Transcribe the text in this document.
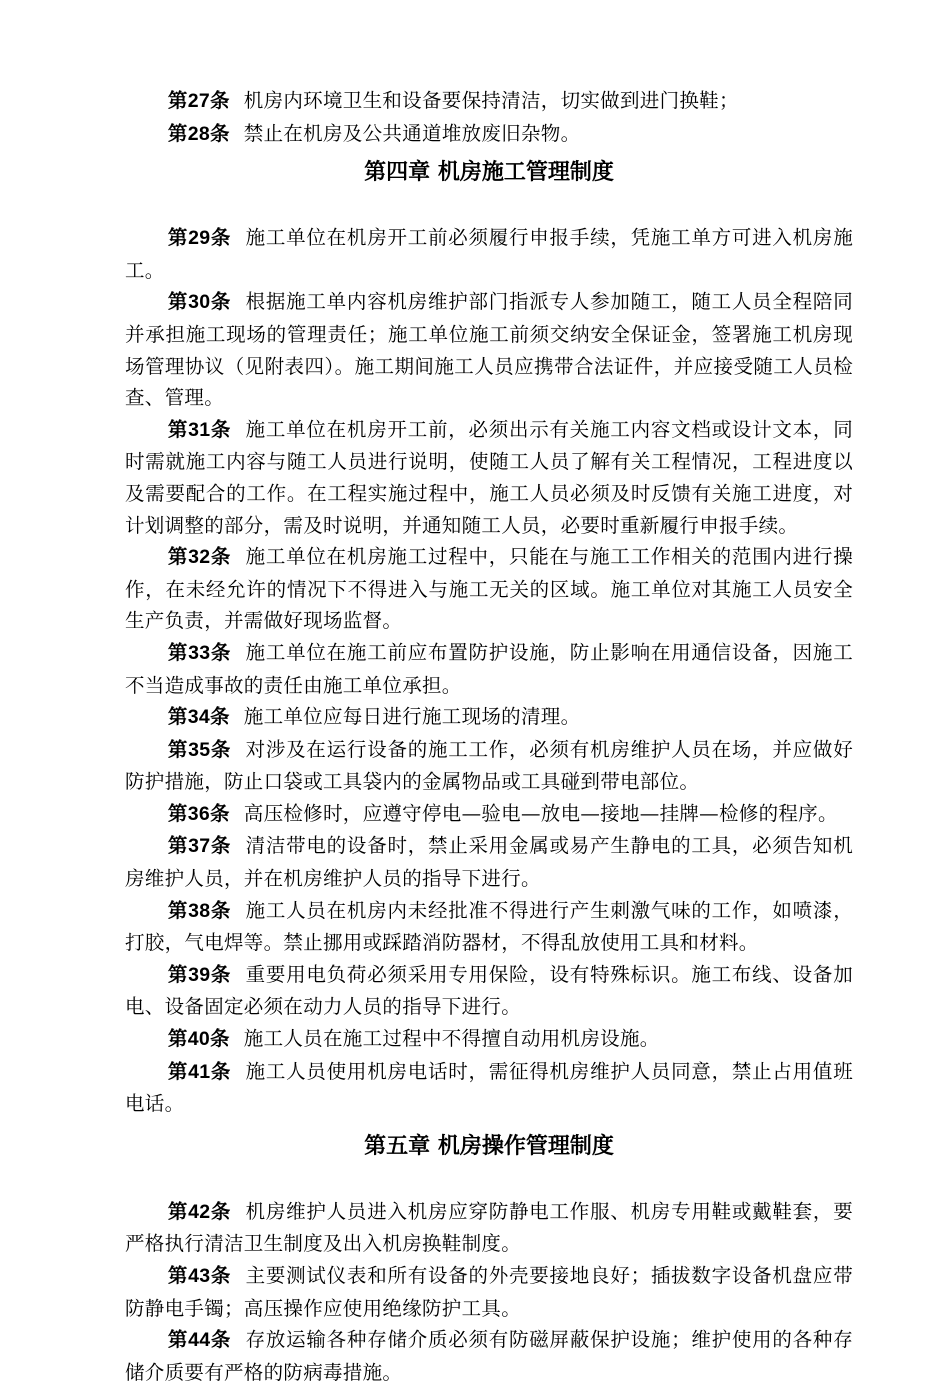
第27条 机房内环境卫生和设备要保持清洁，切实做到进门换鞋；

第28条 禁止在机房及公共通道堆放废旧杂物。

第四章 机房施工管理制度

第29条 施工单位在机房开工前必须履行申报手续，凭施工单方可进入机房施工。

第30条 根据施工单内容机房维护部门指派专人参加随工，随工人员全程陪同并承担施工现场的管理责任；施工单位施工前须交纳安全保证金，签署施工机房现场管理协议（见附表四）。施工期间施工人员应携带合法证件，并应接受随工人员检查、管理。

第31条 施工单位在机房开工前，必须出示有关施工内容文档或设计文本，同时需就施工内容与随工人员进行说明，使随工人员了解有关工程情况，工程进度以及需要配合的工作。在工程实施过程中，施工人员必须及时反馈有关施工进度，对计划调整的部分，需及时说明，并通知随工人员，必要时重新履行申报手续。

第32条 施工单位在机房施工过程中，只能在与施工工作相关的范围内进行操作，在未经允许的情况下不得进入与施工无关的区域。施工单位对其施工人员安全生产负责，并需做好现场监督。

第33条 施工单位在施工前应布置防护设施，防止影响在用通信设备，因施工不当造成事故的责任由施工单位承担。

第34条 施工单位应每日进行施工现场的清理。

第35条 对涉及在运行设备的施工工作，必须有机房维护人员在场，并应做好防护措施，防止口袋或工具袋内的金属物品或工具碰到带电部位。

第36条 高压检修时，应遵守停电—验电—放电—接地—挂牌—检修的程序。

第37条 清洁带电的设备时，禁止采用金属或易产生静电的工具，必须告知机房维护人员，并在机房维护人员的指导下进行。

第38条 施工人员在机房内未经批准不得进行产生刺激气味的工作，如喷漆，打胶，气电焊等。禁止挪用或踩踏消防器材，不得乱放使用工具和材料。

第39条 重要用电负荷必须采用专用保险，设有特殊标识。施工布线、设备加电、设备固定必须在动力人员的指导下进行。

第40条 施工人员在施工过程中不得擅自动用机房设施。

第41条 施工人员使用机房电话时，需征得机房维护人员同意，禁止占用值班电话。

第五章 机房操作管理制度

第42条 机房维护人员进入机房应穿防静电工作服、机房专用鞋或戴鞋套，要严格执行清洁卫生制度及出入机房换鞋制度。

第43条 主要测试仪表和所有设备的外壳要接地良好；插拔数字设备机盘应带防静电手镯；高压操作应使用绝缘防护工具。

第44条 存放运输各种存储介质必须有防磁屏蔽保护设施；维护使用的各种存储介质要有严格的防病毒措施。
